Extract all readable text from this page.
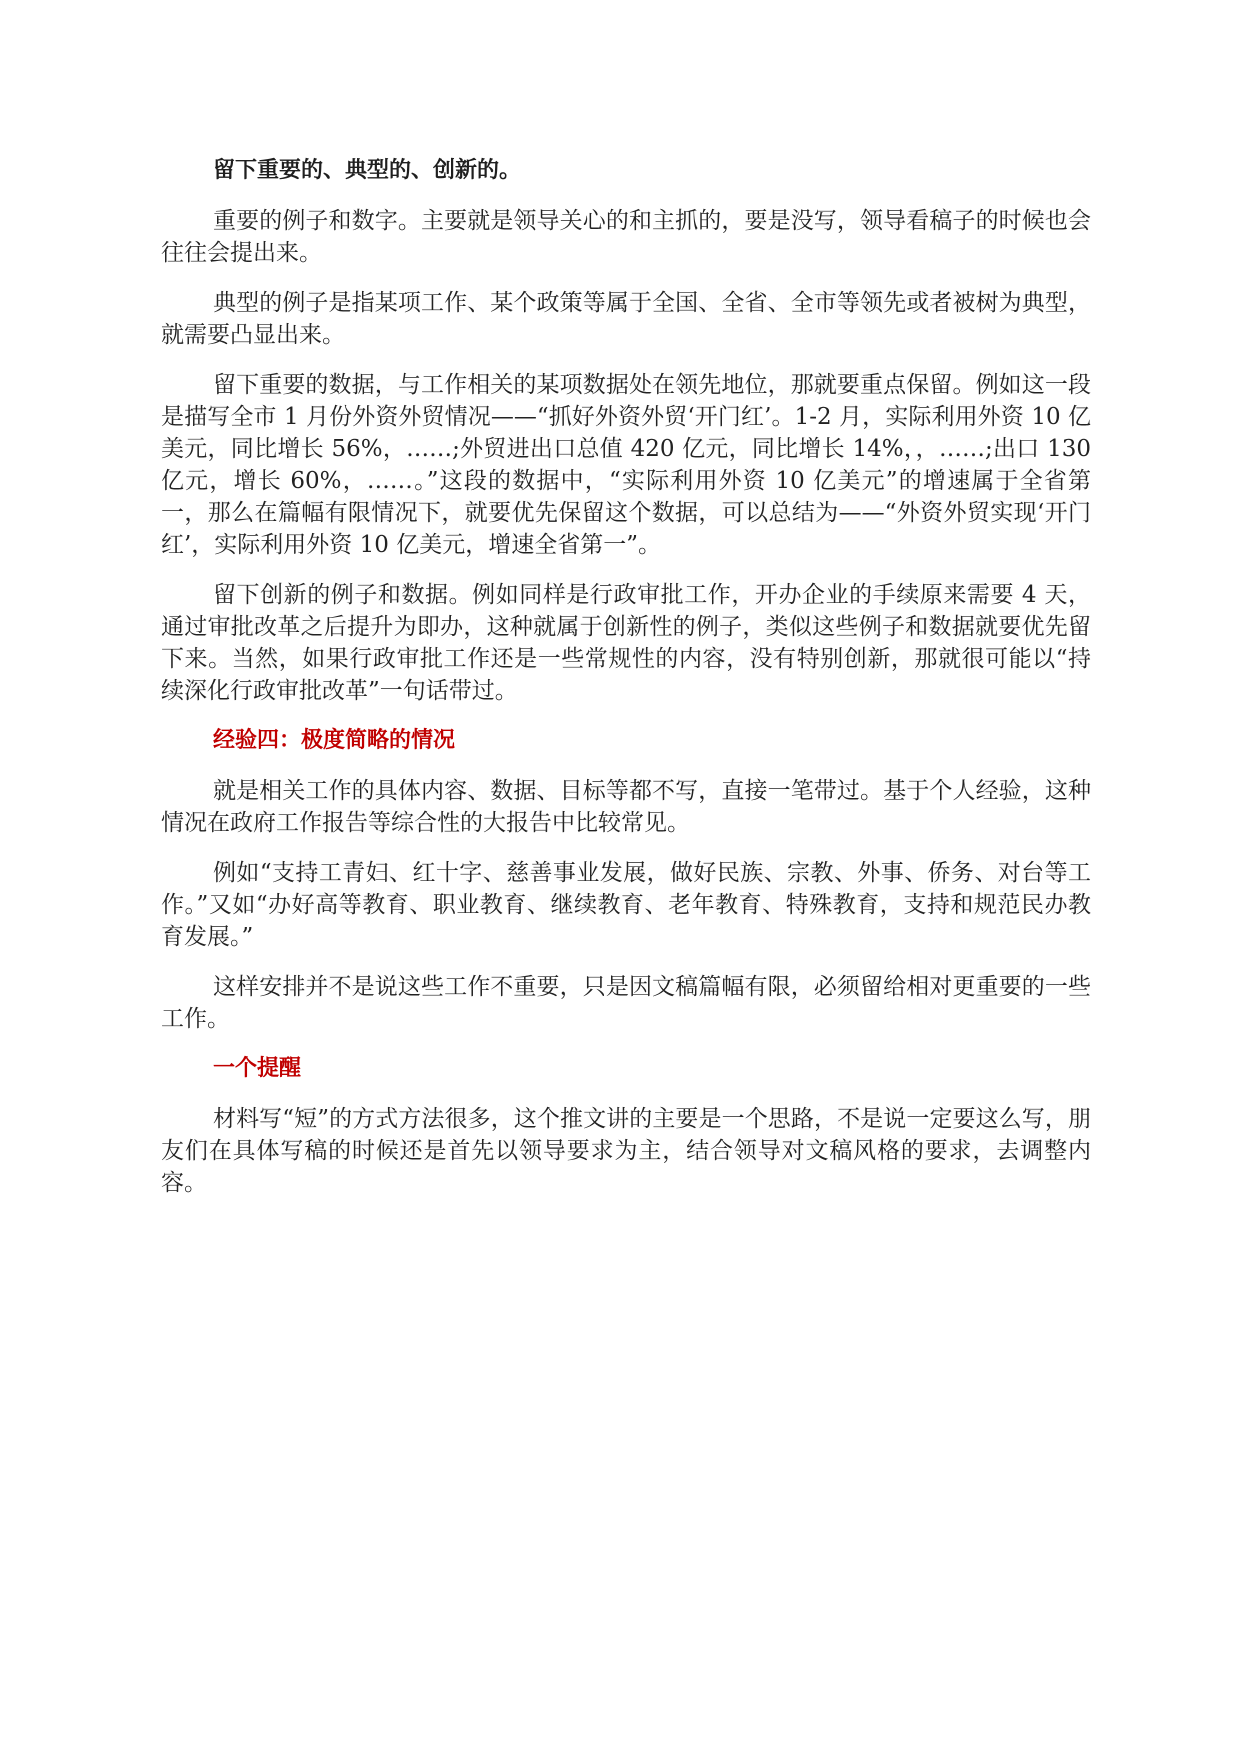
留下重要的、典型的、创新的。

重要的例子和数字。主要就是领导关心的和主抓的，要是没写，领导看稿子的时候也会往往会提出来。

典型的例子是指某项工作、某个政策等属于全国、全省、全市等领先或者被树为典型，就需要凸显出来。

留下重要的数据，与工作相关的某项数据处在领先地位，那就要重点保留。例如这一段是描写全市 1 月份外资外贸情况——“抓好外资外贸‘开门红’。1-2 月，实际利用外资 10 亿美元，同比增长 56%，……;外贸进出口总值 420 亿元，同比增长 14%，，……;出口 130 亿元，增长 60%，……。”这段的数据中，“实际利用外资 10 亿美元”的增速属于全省第一，那么在篇幅有限情况下，就要优先保留这个数据，可以总结为——“外资外贸实现‘开门红’，实际利用外资 10 亿美元，增速全省第一”。

留下创新的例子和数据。例如同样是行政审批工作，开办企业的手续原来需要 4 天，通过审批改革之后提升为即办，这种就属于创新性的例子，类似这些例子和数据就要优先留下来。当然，如果行政审批工作还是一些常规性的内容，没有特别创新，那就很可能以“持续深化行政审批改革”一句话带过。

经验四：极度简略的情况

就是相关工作的具体内容、数据、目标等都不写，直接一笔带过。基于个人经验，这种情况在政府工作报告等综合性的大报告中比较常见。

例如“支持工青妇、红十字、慈善事业发展，做好民族、宗教、外事、侨务、对台等工作。”又如“办好高等教育、职业教育、继续教育、老年教育、特殊教育，支持和规范民办教育发展。”

这样安排并不是说这些工作不重要，只是因文稿篇幅有限，必须留给相对更重要的一些工作。

一个提醒

材料写“短”的方式方法很多，这个推文讲的主要是一个思路，不是说一定要这么写，朋友们在具体写稿的时候还是首先以领导要求为主，结合领导对文稿风格的要求，去调整内容。
